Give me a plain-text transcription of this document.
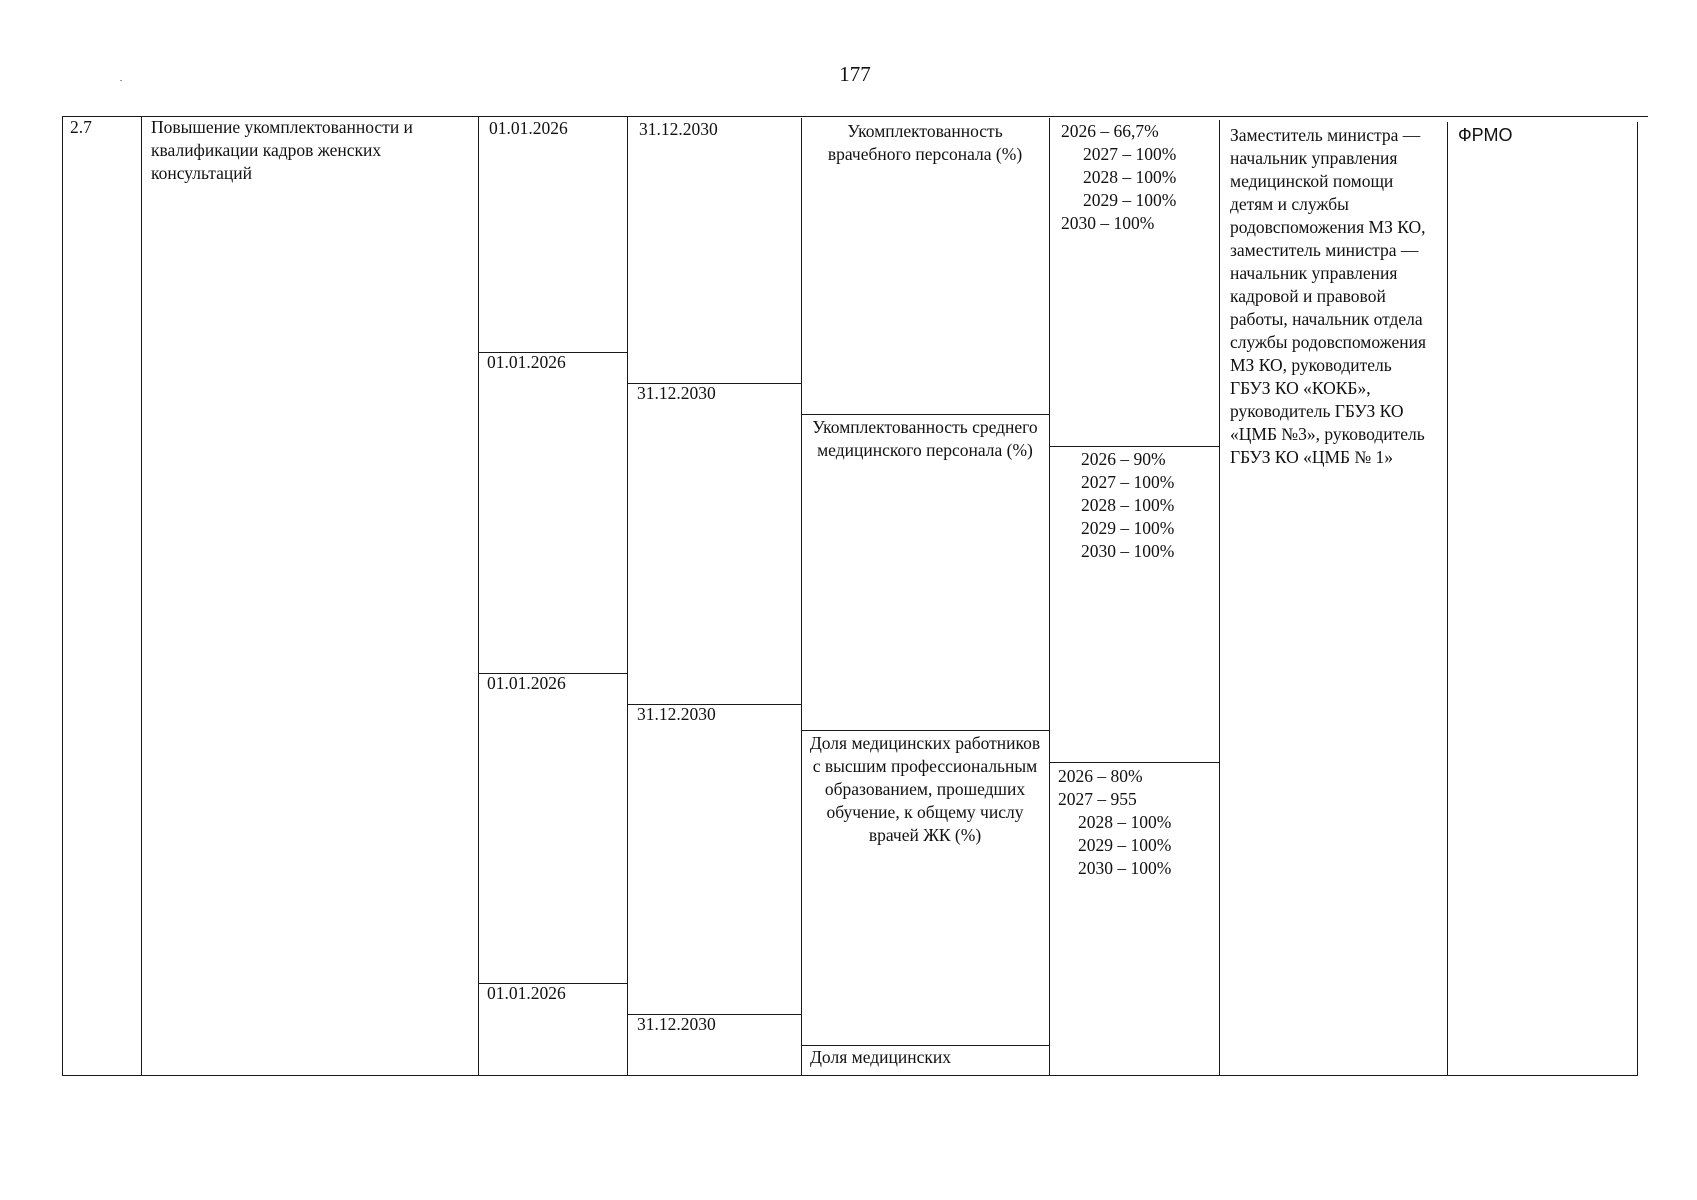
177
2.7	Повышение укомплектованности и квалификации кадров женских консультаций
01.01.2026
01.01.2026
01.01.2026
01.01.2026
31.12.2030
31.12.2030
31.12.2030
31.12.2030
Укомплектованность врачебного персонала (%)
Укомплектованность среднего медицинского персонала (%)
Доля медицинских работников с высшим профессиональным образованием, прошедших обучение, к общему числу врачей ЖК (%)
Доля медицинских
2026 – 66,7%
2027 – 100%
2028 – 100%
2029 – 100%
2030 – 100%
2026 – 90%
2027 – 100%
2028 – 100%
2029 – 100%
2030 – 100%
2026 – 80%
2027 – 955
2028 – 100%
2029 – 100%
2030 – 100%
Заместитель министра — начальник управления медицинской помощи детям и службы родовспоможения МЗ КО, заместитель министра — начальник управления кадровой и правовой работы, начальник отдела службы родовспоможения МЗ КО, руководитель ГБУЗ КО «КОКБ», руководитель ГБУЗ КО «ЦМБ №3», руководитель ГБУЗ КО «ЦМБ № 1»
ФРМО
